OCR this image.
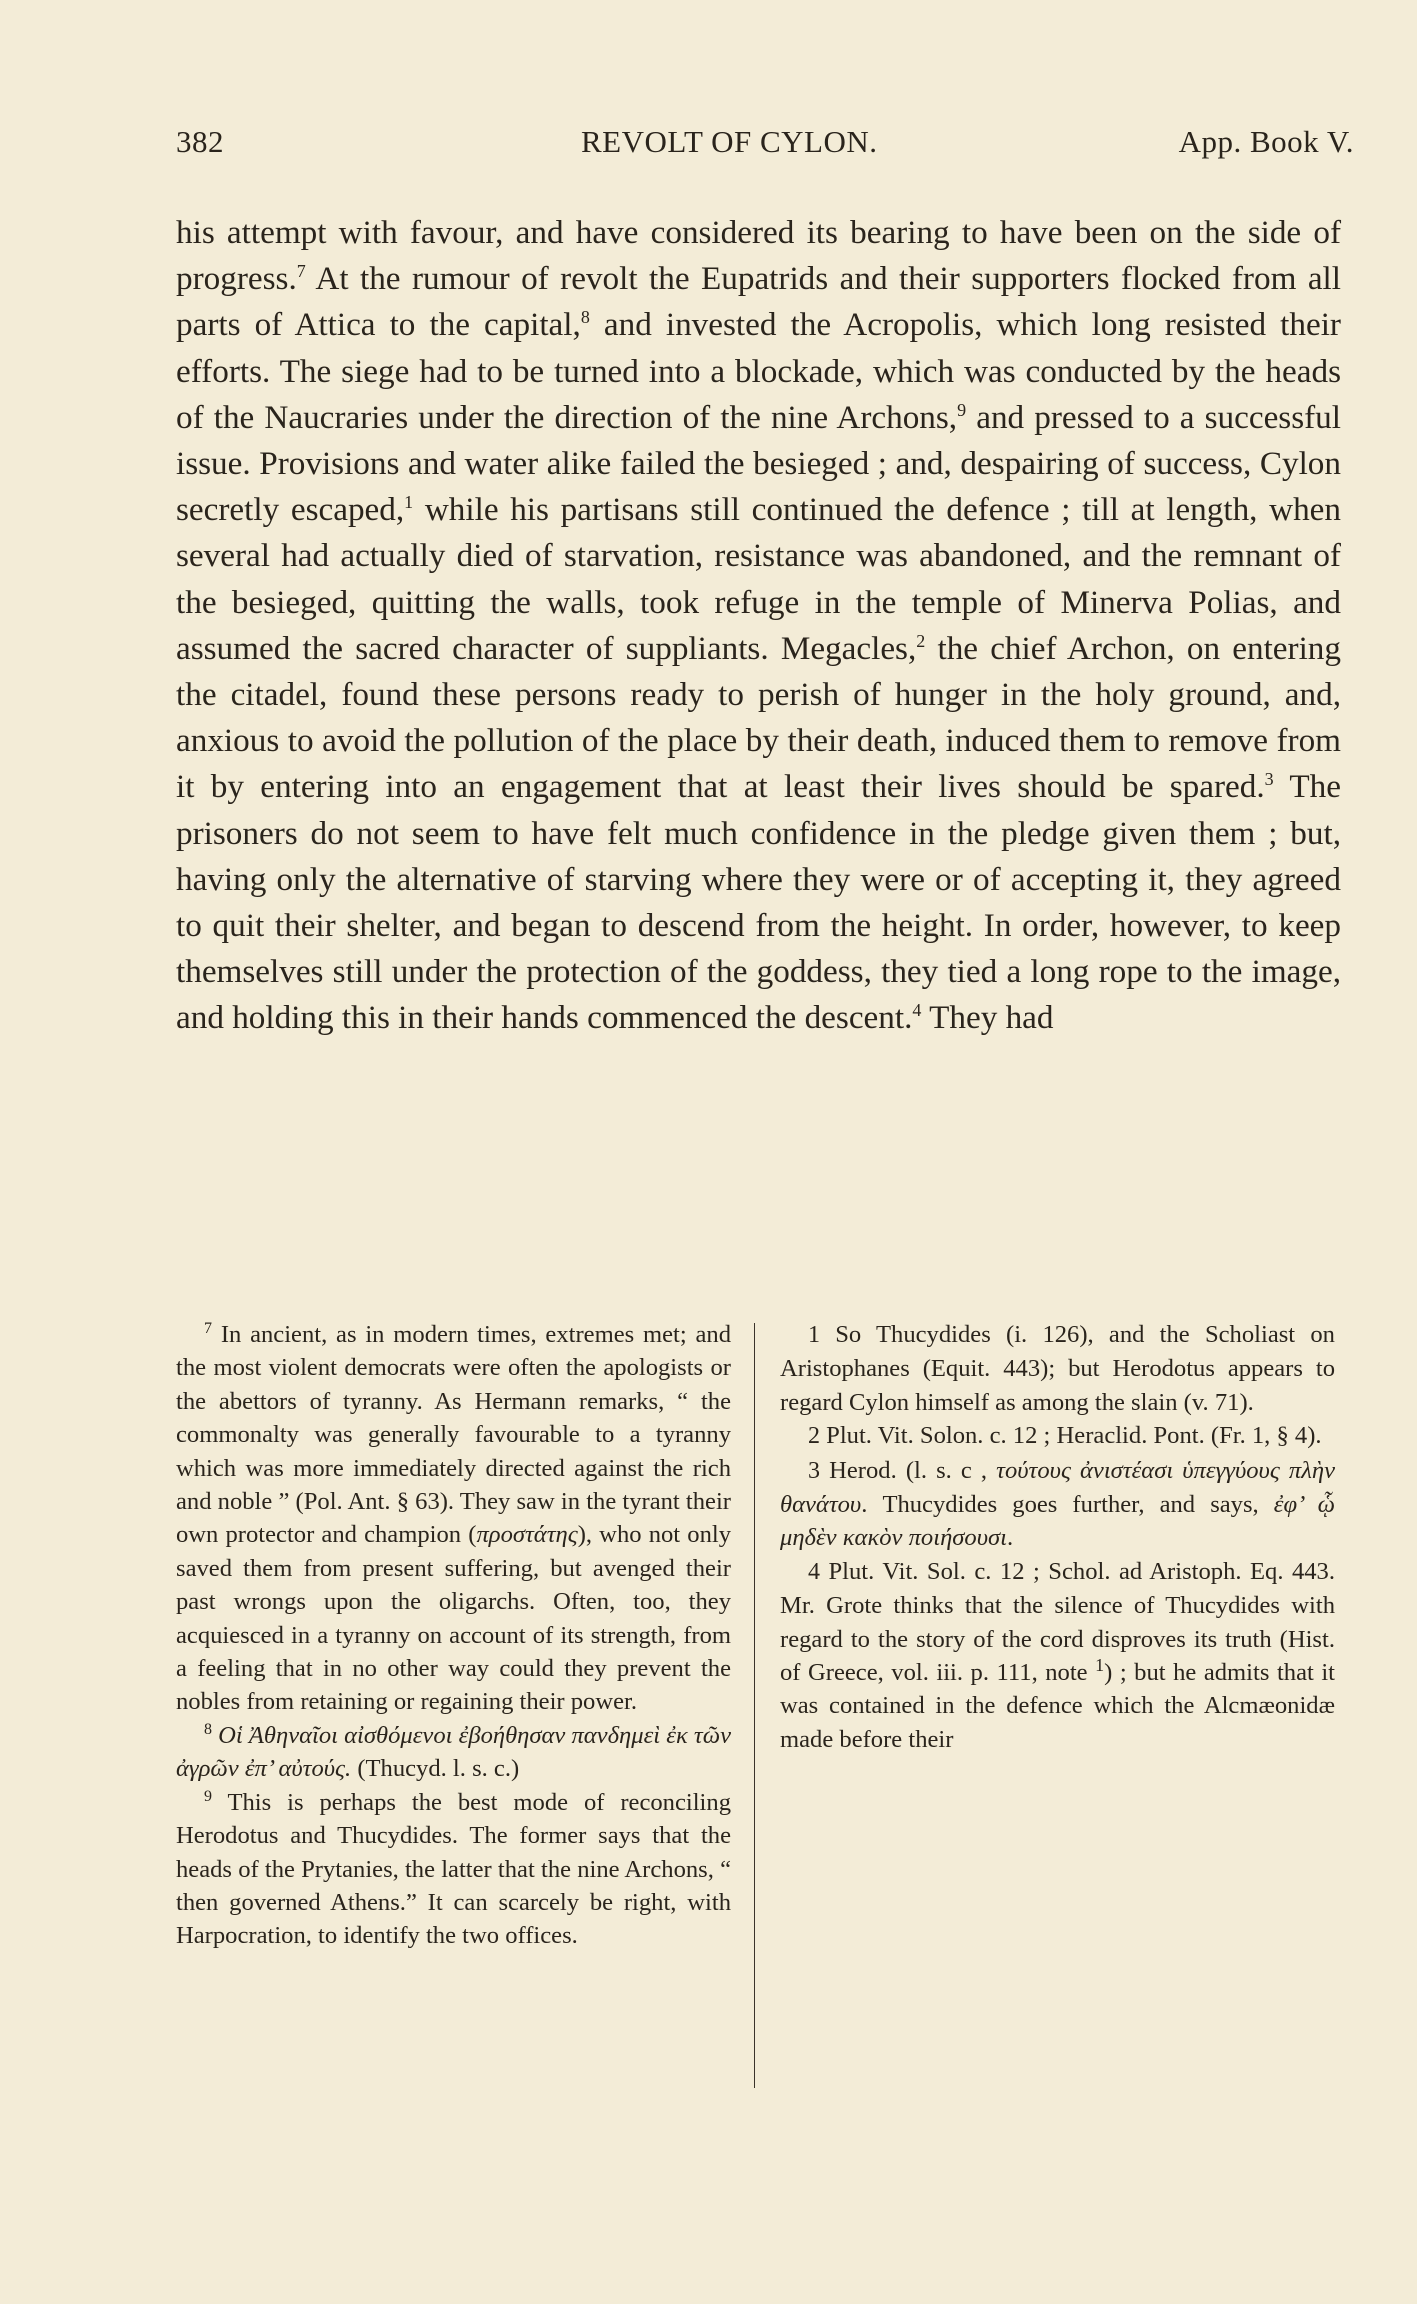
382	REVOLT OF CYLON.	App. Book V.
his attempt with favour, and have considered its bearing to have been on the side of progress.$^7$ At the rumour of revolt the Eupatrids and their supporters flocked from all parts of Attica to the capital,$^8$ and invested the Acropolis, which long resisted their efforts. The siege had to be turned into a blockade, which was conducted by the heads of the Naucraries under the direction of the nine Archons,$^9$ and pressed to a successful issue. Provisions and water alike failed the besieged ; and, despairing of success, Cylon secretly escaped,$^1$ while his partisans still continued the defence ; till at length, when several had actually died of starvation, resistance was abandoned, and the remnant of the besieged, quitting the walls, took refuge in the temple of Minerva Polias, and assumed the sacred character of suppliants. Megacles,$^2$ the chief Archon, on entering the citadel, found these persons ready to perish of hunger in the holy ground, and, anxious to avoid the pollution of the place by their death, induced them to remove from it by entering into an engagement that at least their lives should be spared.$^3$ The prisoners do not seem to have felt much confidence in the pledge given them ; but, having only the alternative of starving where they were or of accepting it, they agreed to quit their shelter, and began to descend from the height. In order, however, to keep themselves still under the protection of the goddess, they tied a long rope to the image, and holding this in their hands commenced the descent.$^4$ They had

$^7$ In ancient, as in modern times, extremes met; and the most violent democrats were often the apologists or the abettors of tyranny. As Hermann remarks, “ the commonalty was generally favourable to a tyranny which was more immediately directed against the rich and noble ” (Pol. Ant. § 63). They saw in the tyrant their own protector and champion (προστάτης), who not only saved them from present suffering, but avenged their past wrongs upon the oligarchs. Often, too, they acquiesced in a tyranny on account of its strength, from a feeling that in no other way could they prevent the nobles from retaining or regaining their power.

$^8$ Οἱ Ἀθηναῖοι αἰσθόμενοι ἐβοήθησαν πανδημεὶ ἐκ τῶν ἀγρῶν ἐπ’ αὐτούς. (Thucyd. l. s. c.)

$^9$ This is perhaps the best mode of reconciling Herodotus and Thucydides. The former says that the heads of the Prytanies, the latter that the nine Archons, “ then governed Athens.” It can scarcely be right, with Harpocration, to identify the two offices.

1 So Thucydides (i. 126), and the Scholiast on Aristophanes (Equit. 443); but Herodotus appears to regard Cylon himself as among the slain (v. 71).

2 Plut. Vit. Solon. c. 12 ; Heraclid. Pont. (Fr. 1, § 4).

3 Herod. (l. s. c , τούτους ἀνιστέασι ὑπεγγύους πλὴν θανάτου. Thucydides goes further, and says, ἐφ’ ᾧ μηδὲν κακὸν ποιήσουσι.

4 Plut. Vit. Sol. c. 12 ; Schol. ad Aristoph. Eq. 443. Mr. Grote thinks that the silence of Thucydides with regard to the story of the cord disproves its truth (Hist. of Greece, vol. iii. p. 111, note $^1$) ; but he admits that it was contained in the defence which the Alcmæonidæ made before their
